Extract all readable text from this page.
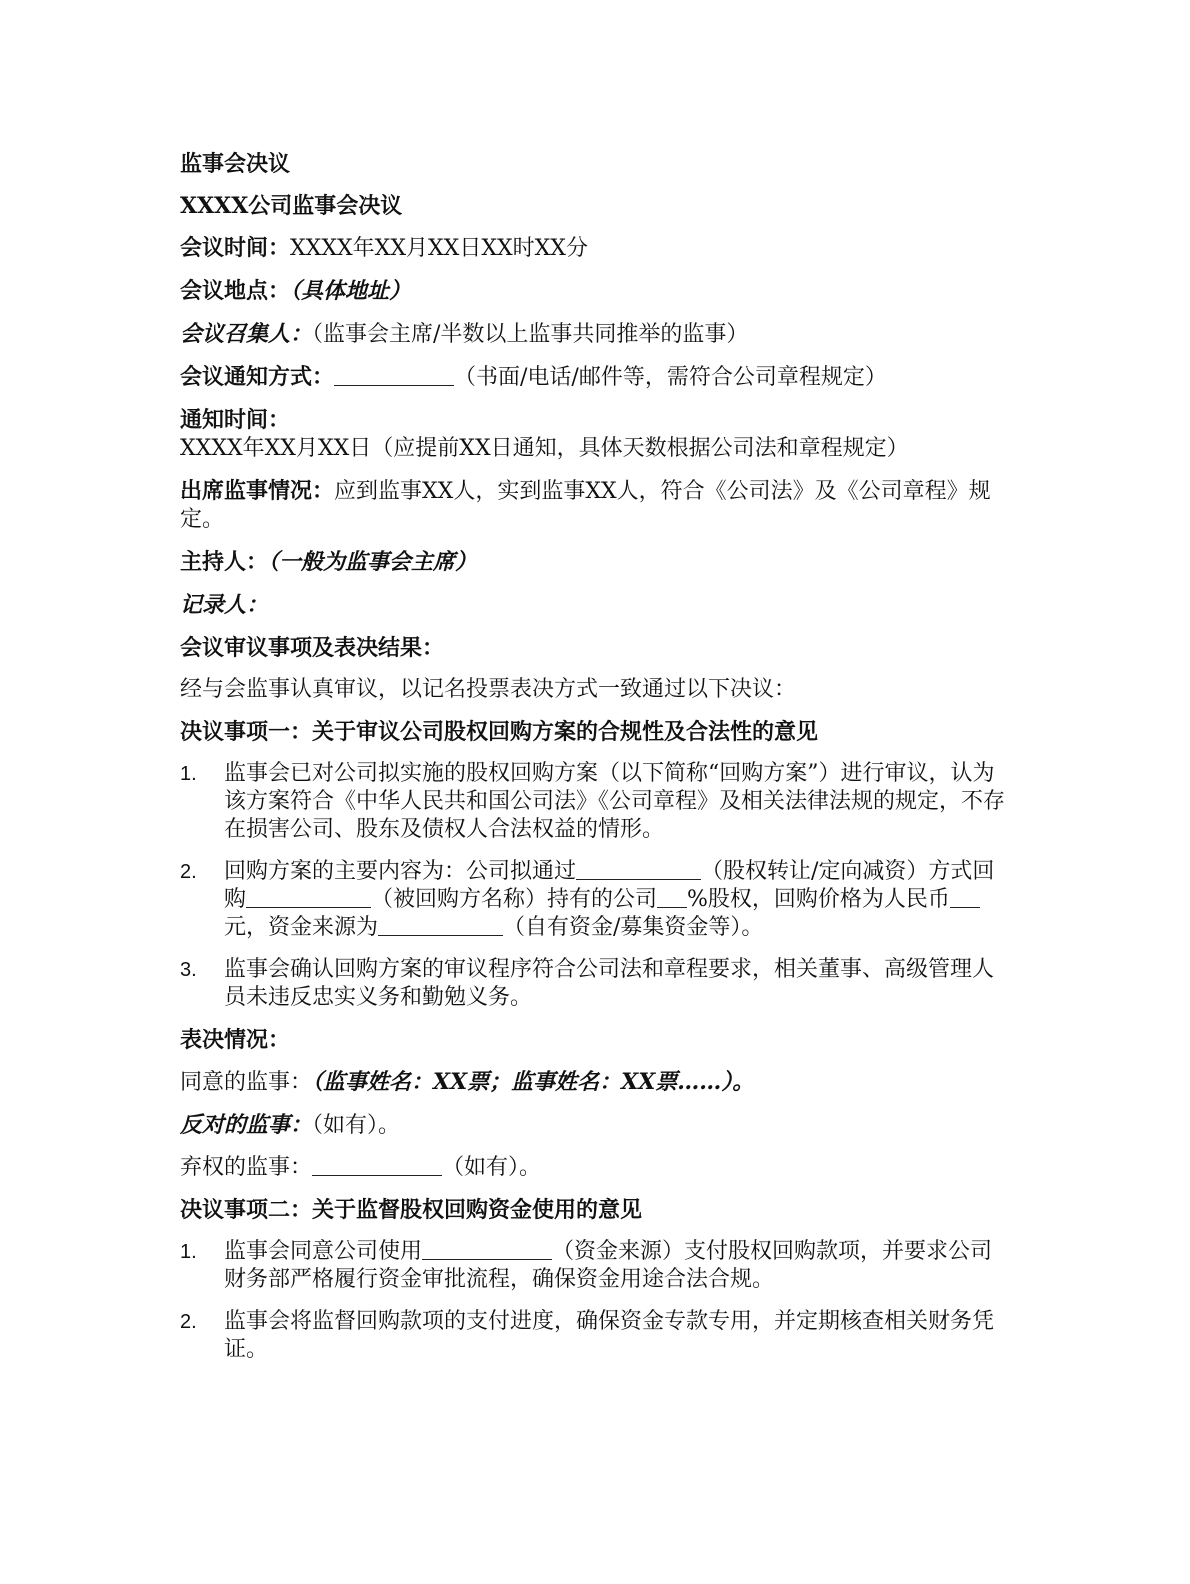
监事会决议

XXXX公司监事会决议

会议时间：XXXX年XX月XX日XX时XX分

会议地点：（具体地址）

会议召集人：（监事会主席/半数以上监事共同推举的监事）

会议通知方式：	（书面/电话/邮件等，需符合公司章程规定）

通知时间：XXXX年XX月XX日（应提前XX日通知，具体天数根据公司法和章程规定）

出席监事情况：应到监事XX人，实到监事XX人，符合《公司法》及《公司章程》规定。

主持人：（一般为监事会主席）

记录人：

会议审议事项及表决结果：

经与会监事认真审议，以记名投票表决方式一致通过以下决议：

决议事项一：关于审议公司股权回购方案的合规性及合法性的意见

1.	监事会已对公司拟实施的股权回购方案（以下简称“回购方案”）进行审议，认为该方案符合《中华人民共和国公司法》《公司章程》及相关法律法规的规定，不存在损害公司、股东及债权人合法权益的情形。
2.	回购方案的主要内容为：公司拟通过	（股权转让/定向减资）方式回购	（被回购方名称）持有的公司 %股权，回购价格为人民币元，资金来源为	（自有资金/募集资金等）。
3.	监事会确认回购方案的审议程序符合公司法和章程要求，相关董事、高级管理人员未违反忠实义务和勤勉义务。

表决情况：

同意的监事：（监事姓名：XX票；监事姓名：XX票……）。

反对的监事：（如有）。

弃权的监事：	（如有）。

决议事项二：关于监督股权回购资金使用的意见

1.	监事会同意公司使用	（资金来源）支付股权回购款项，并要求公司财务部严格履行资金审批流程，确保资金用途合法合规。
2.	监事会将监督回购款项的支付进度，确保资金专款专用，并定期核查相关财务凭证。
